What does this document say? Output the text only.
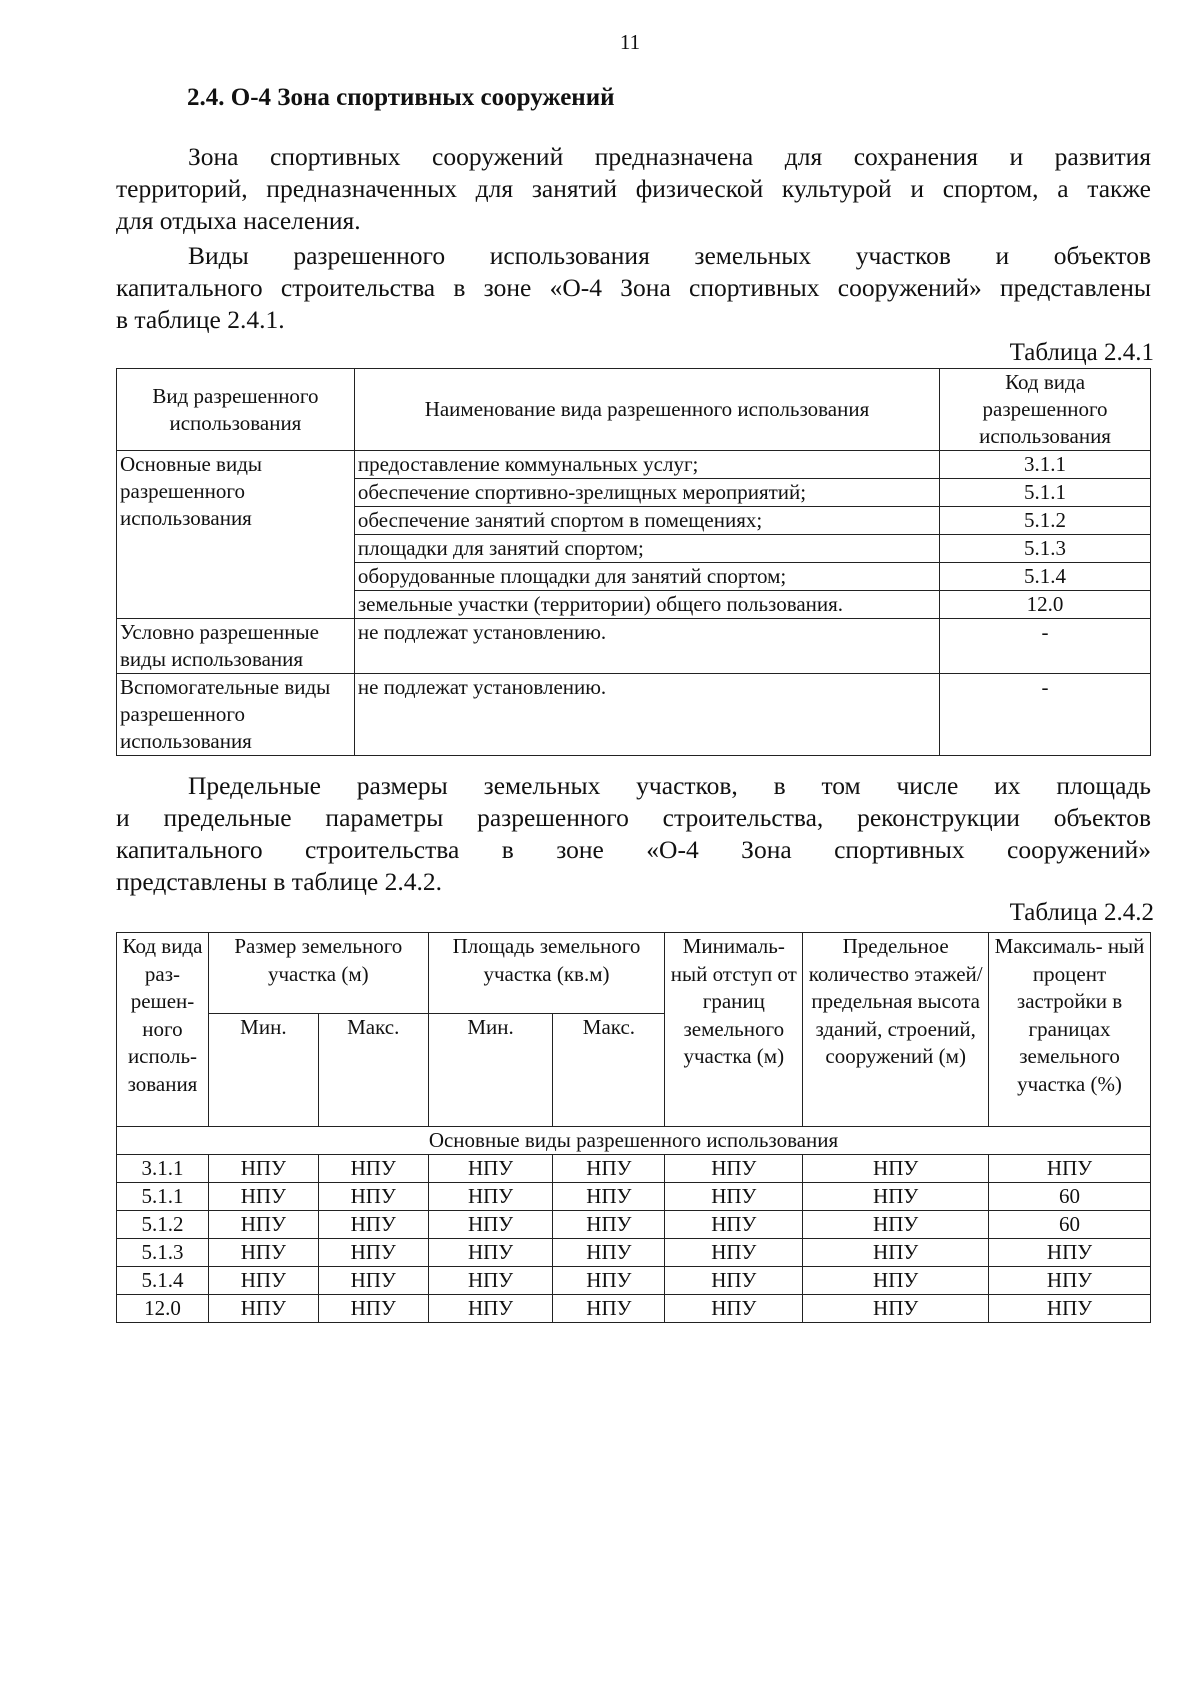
11
2.4. О-4 Зона спортивных сооружений
Зона спортивных сооружений предназначена для сохранения и развития
территорий, предназначенных для занятий физической культурой и спортом, а также
для отдыха населения.
Виды разрешенного использования земельных участков и объектов
капитального строительства в зоне «О-4 Зона спортивных сооружений» представлены
в таблице 2.4.1.
Таблица 2.4.1
Вид разрешенного использования	Наименование вида разрешенного использования	Код вида разрешенного использования
Основные виды разрешенного использования	предоставление коммунальных услуг;	3.1.1
	обеспечение спортивно-зрелищных мероприятий;	5.1.1
	обеспечение занятий спортом в помещениях;	5.1.2
	площадки для занятий спортом;	5.1.3
	оборудованные площадки для занятий спортом;	5.1.4
	земельные участки (территории) общего пользования.	12.0
Условно разрешенные виды использования	не подлежат установлению.	-
Вспомогательные виды разрешенного использования	не подлежат установлению.	-
Предельные размеры земельных участков, в том числе их площадь
и предельные параметры разрешенного строительства, реконструкции объектов
капитального строительства в зоне «О-4 Зона спортивных сооружений»
представлены в таблице 2.4.2.
Таблица 2.4.2
Код вида раз- решен- ного исполь- зования	Размер земельного участка (м)		Площадь земельного участка (кв.м)		Минималь- ный отступ от границ земельного участка (м)	Предельное количество этажей/ предельная высота зданий, строений, сооружений (м)	Максималь- ный процент застройки в границах земельного участка (%)
	Мин.	Макс.	Мин.	Макс.			
Основные виды разрешенного использования							
3.1.1	НПУ	НПУ	НПУ	НПУ	НПУ	НПУ	НПУ
5.1.1	НПУ	НПУ	НПУ	НПУ	НПУ	НПУ	60
5.1.2	НПУ	НПУ	НПУ	НПУ	НПУ	НПУ	60
5.1.3	НПУ	НПУ	НПУ	НПУ	НПУ	НПУ	НПУ
5.1.4	НПУ	НПУ	НПУ	НПУ	НПУ	НПУ	НПУ
12.0	НПУ	НПУ	НПУ	НПУ	НПУ	НПУ	НПУ
